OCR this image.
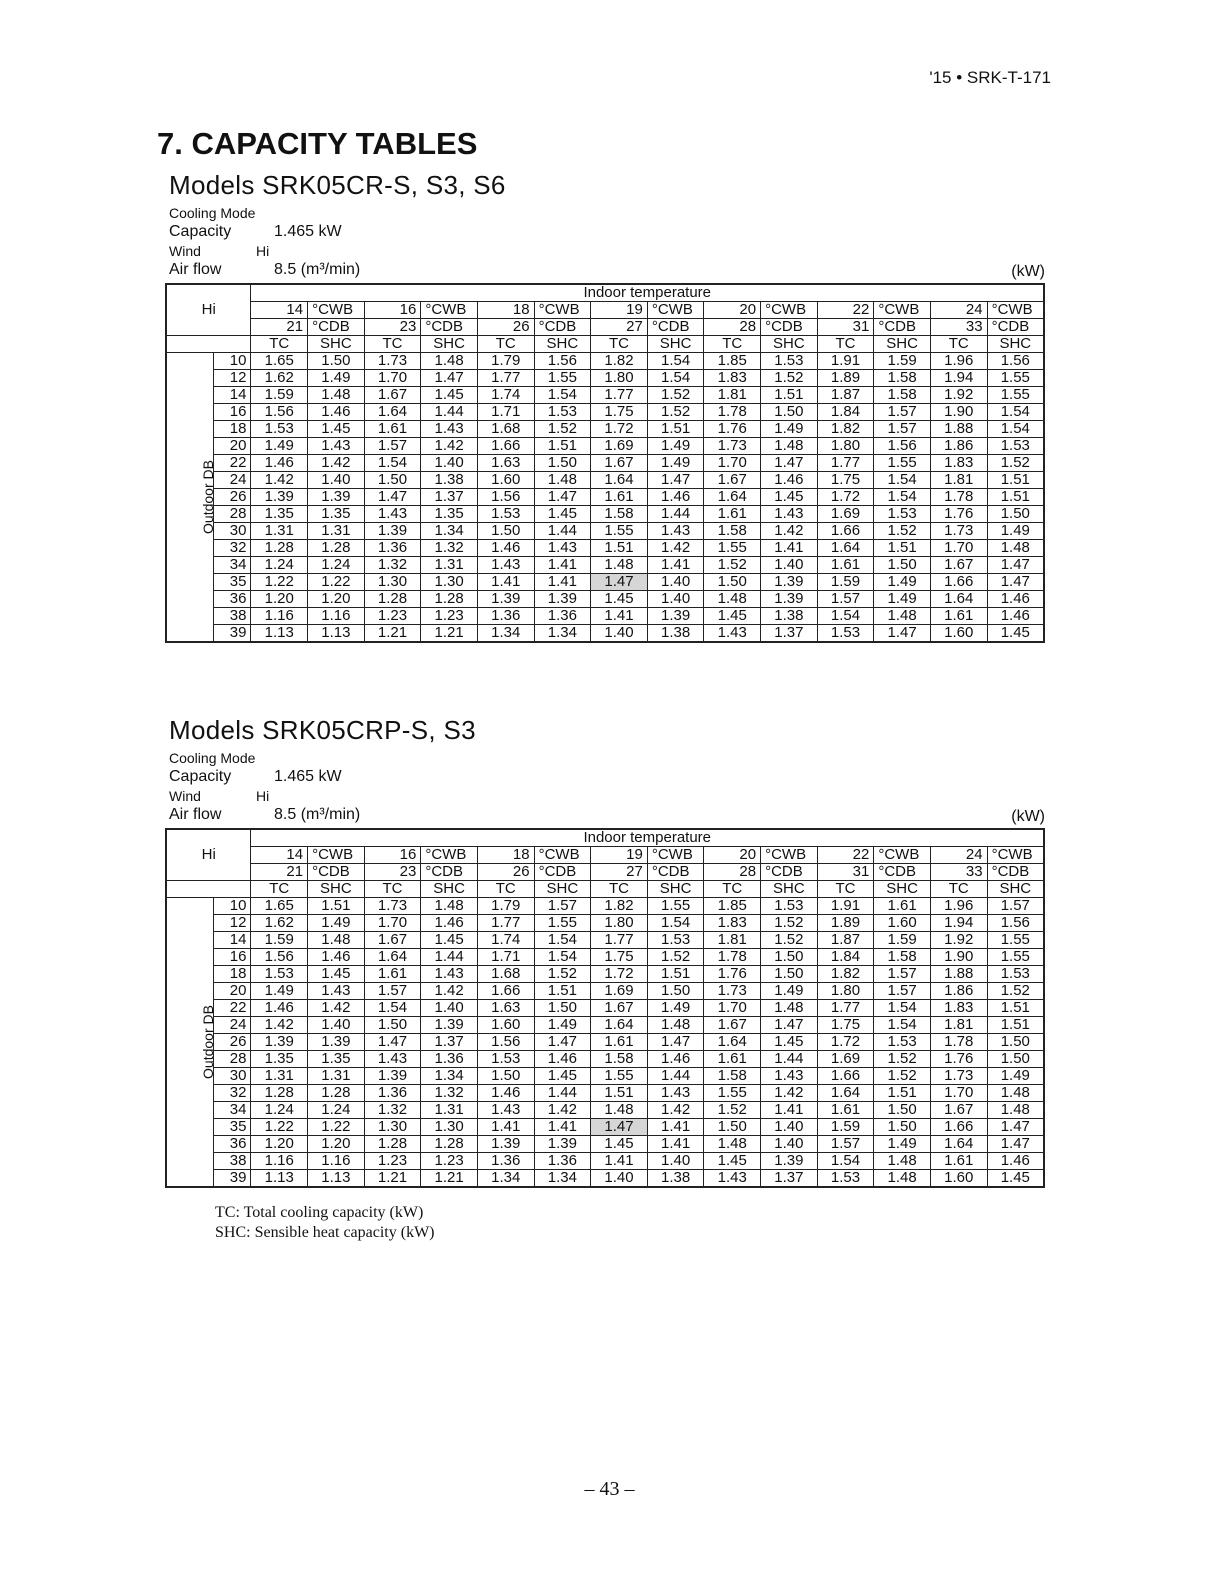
'15 • SRK-T-171
7. CAPACITY TABLES
Models SRK05CR-S, S3, S6
Cooling Mode
Capacity	1.465 kW
Wind	Hi
Air flow	8.5 (m³/min)	(kW)
Hi		Indoor temperature													
		14	°CWB	16	°CWB	18	°CWB	19	°CWB	20	°CWB	22	°CWB	24	°CWB
		21	°CDB	23	°CDB	26	°CDB	27	°CDB	28	°CDB	31	°CDB	33	°CDB
		TC	SHC	TC	SHC	TC	SHC	TC	SHC	TC	SHC	TC	SHC	TC	SHC
Outdoor DB	10	1.65	1.50	1.73	1.48	1.79	1.56	1.82	1.54	1.85	1.53	1.91	1.59	1.96	1.56
	12	1.62	1.49	1.70	1.47	1.77	1.55	1.80	1.54	1.83	1.52	1.89	1.58	1.94	1.55
	14	1.59	1.48	1.67	1.45	1.74	1.54	1.77	1.52	1.81	1.51	1.87	1.58	1.92	1.55
	16	1.56	1.46	1.64	1.44	1.71	1.53	1.75	1.52	1.78	1.50	1.84	1.57	1.90	1.54
	18	1.53	1.45	1.61	1.43	1.68	1.52	1.72	1.51	1.76	1.49	1.82	1.57	1.88	1.54
	20	1.49	1.43	1.57	1.42	1.66	1.51	1.69	1.49	1.73	1.48	1.80	1.56	1.86	1.53
	22	1.46	1.42	1.54	1.40	1.63	1.50	1.67	1.49	1.70	1.47	1.77	1.55	1.83	1.52
	24	1.42	1.40	1.50	1.38	1.60	1.48	1.64	1.47	1.67	1.46	1.75	1.54	1.81	1.51
	26	1.39	1.39	1.47	1.37	1.56	1.47	1.61	1.46	1.64	1.45	1.72	1.54	1.78	1.51
	28	1.35	1.35	1.43	1.35	1.53	1.45	1.58	1.44	1.61	1.43	1.69	1.53	1.76	1.50
	30	1.31	1.31	1.39	1.34	1.50	1.44	1.55	1.43	1.58	1.42	1.66	1.52	1.73	1.49
	32	1.28	1.28	1.36	1.32	1.46	1.43	1.51	1.42	1.55	1.41	1.64	1.51	1.70	1.48
	34	1.24	1.24	1.32	1.31	1.43	1.41	1.48	1.41	1.52	1.40	1.61	1.50	1.67	1.47
	35	1.22	1.22	1.30	1.30	1.41	1.41	1.47	1.40	1.50	1.39	1.59	1.49	1.66	1.47
	36	1.20	1.20	1.28	1.28	1.39	1.39	1.45	1.40	1.48	1.39	1.57	1.49	1.64	1.46
	38	1.16	1.16	1.23	1.23	1.36	1.36	1.41	1.39	1.45	1.38	1.54	1.48	1.61	1.46
	39	1.13	1.13	1.21	1.21	1.34	1.34	1.40	1.38	1.43	1.37	1.53	1.47	1.60	1.45
Models SRK05CRP-S, S3
Cooling Mode
Capacity	1.465 kW
Wind	Hi
Air flow	8.5 (m³/min)	(kW)
Hi		Indoor temperature													
		14	°CWB	16	°CWB	18	°CWB	19	°CWB	20	°CWB	22	°CWB	24	°CWB
		21	°CDB	23	°CDB	26	°CDB	27	°CDB	28	°CDB	31	°CDB	33	°CDB
		TC	SHC	TC	SHC	TC	SHC	TC	SHC	TC	SHC	TC	SHC	TC	SHC
Outdoor DB	10	1.65	1.51	1.73	1.48	1.79	1.57	1.82	1.55	1.85	1.53	1.91	1.61	1.96	1.57
	12	1.62	1.49	1.70	1.46	1.77	1.55	1.80	1.54	1.83	1.52	1.89	1.60	1.94	1.56
	14	1.59	1.48	1.67	1.45	1.74	1.54	1.77	1.53	1.81	1.52	1.87	1.59	1.92	1.55
	16	1.56	1.46	1.64	1.44	1.71	1.54	1.75	1.52	1.78	1.50	1.84	1.58	1.90	1.55
	18	1.53	1.45	1.61	1.43	1.68	1.52	1.72	1.51	1.76	1.50	1.82	1.57	1.88	1.53
	20	1.49	1.43	1.57	1.42	1.66	1.51	1.69	1.50	1.73	1.49	1.80	1.57	1.86	1.52
	22	1.46	1.42	1.54	1.40	1.63	1.50	1.67	1.49	1.70	1.48	1.77	1.54	1.83	1.51
	24	1.42	1.40	1.50	1.39	1.60	1.49	1.64	1.48	1.67	1.47	1.75	1.54	1.81	1.51
	26	1.39	1.39	1.47	1.37	1.56	1.47	1.61	1.47	1.64	1.45	1.72	1.53	1.78	1.50
	28	1.35	1.35	1.43	1.36	1.53	1.46	1.58	1.46	1.61	1.44	1.69	1.52	1.76	1.50
	30	1.31	1.31	1.39	1.34	1.50	1.45	1.55	1.44	1.58	1.43	1.66	1.52	1.73	1.49
	32	1.28	1.28	1.36	1.32	1.46	1.44	1.51	1.43	1.55	1.42	1.64	1.51	1.70	1.48
	34	1.24	1.24	1.32	1.31	1.43	1.42	1.48	1.42	1.52	1.41	1.61	1.50	1.67	1.48
	35	1.22	1.22	1.30	1.30	1.41	1.41	1.47	1.41	1.50	1.40	1.59	1.50	1.66	1.47
	36	1.20	1.20	1.28	1.28	1.39	1.39	1.45	1.41	1.48	1.40	1.57	1.49	1.64	1.47
	38	1.16	1.16	1.23	1.23	1.36	1.36	1.41	1.40	1.45	1.39	1.54	1.48	1.61	1.46
	39	1.13	1.13	1.21	1.21	1.34	1.34	1.40	1.38	1.43	1.37	1.53	1.48	1.60	1.45
TC: Total cooling capacity (kW)
SHC: Sensible heat capacity (kW)
– 43 –
